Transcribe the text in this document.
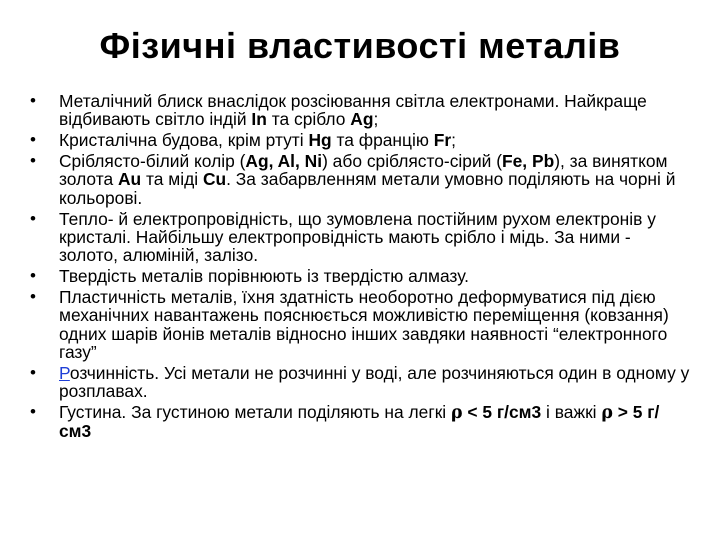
Фізичні властивості металів
• Металічний блиск внаслідок розсіювання світла електронами. Найкраще відбивають світло індій In та срібло Ag;
• Кристалічна будова, крім ртуті Hg та францію Fr;
• Сріблясто-білий колір (Ag, Al, Ni) або сріблясто-сірий (Fe, Pb), за винятком золота Au та міді Cu. За забарвленням метали умовно поділяють на чорні й кольорові.
• Тепло- й електропровідність, що зумовлена постійним рухом електронів у кристалі. Найбільшу електропровідність мають срібло і мідь. За ними - золото, алюміній, залізо.
• Твердість металів порівнюють із твердістю алмазу.
• Пластичність металів, їхня здатність необоротно деформуватися під дією механічних навантажень пояснюється можливістю переміщення (ковзання) одних шарів йонів металів відносно інших завдяки наявності “електронного газу”
• Розчинність. Усі метали не розчинні у воді, але розчиняються один в одному у розплавах.
• Густина. За густиною метали поділяють на легкі ρ < 5 г/см3 і важкі ρ > 5 г/см3
